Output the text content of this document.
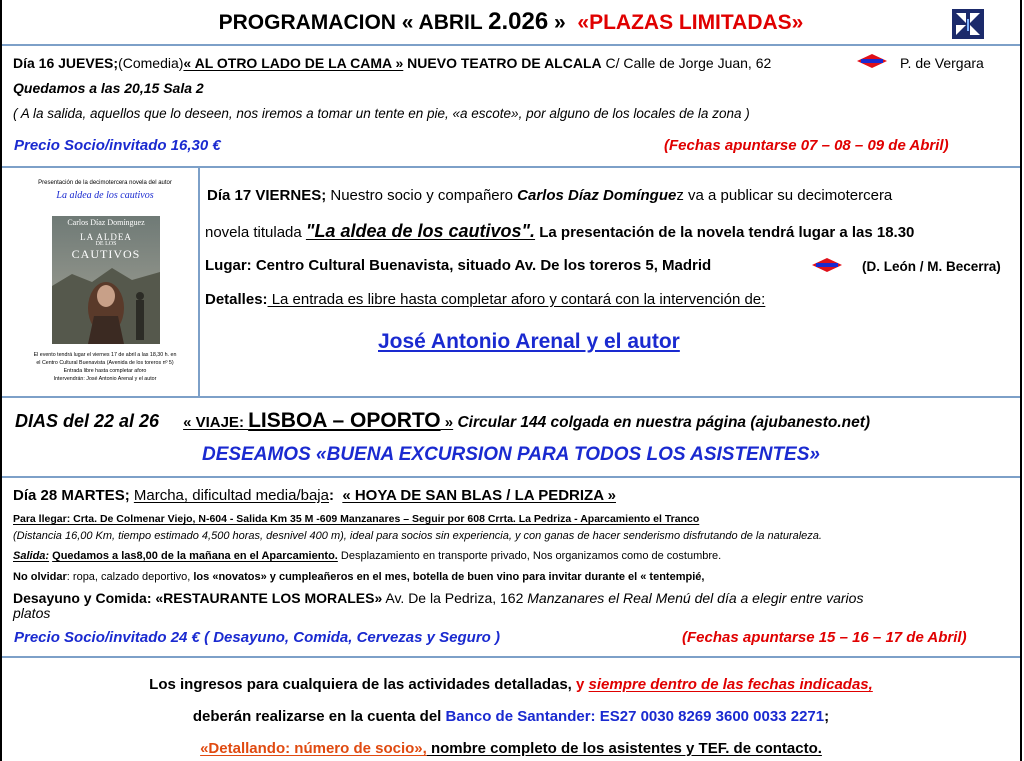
PROGRAMACION « ABRIL 2.026 » «PLAZAS LIMITADAS»
Día 16 JUEVES;(Comedia)« AL OTRO LADO DE LA CAMA » NUEVO TEATRO DE ALCALA C/ Calle de Jorge Juan, 62	P. de Vergara
Quedamos a las 20,15 Sala 2
( A la salida, aquellos que lo deseen, nos iremos a tomar un tente en pie, «a escote», por alguno de los locales de la zona )
Precio Socio/invitado 16,30 €	(Fechas apuntarse 07 – 08 – 09 de Abril)
Presentación de la decimotercera novela del autor
La aldea de los cautivos
Carlos Díaz Domínguez
LA ALDEA
DE LOS
CAUTIVOS
El evento tendrá lugar el viernes 17 de abril a las 18,30 h. en
el Centro Cultural Buenavista (Avenida de los toreros nº 5)
Entrada libre hasta completar aforo
Intervendrán: José Antonio Arenal y el autor
Día 17 VIERNES; Nuestro socio y compañero Carlos Díaz Domínguez va a publicar su decimotercera
novela titulada "La aldea de los cautivos". La presentación de la novela tendrá lugar a las 18.30
Lugar: Centro Cultural Buenavista, situado Av. De los toreros 5, Madrid	(D. León / M. Becerra)
Detalles: La entrada es libre hasta completar aforo y contará con la intervención de:
José Antonio Arenal y el autor
DIAS del 22 al 26 « VIAJE: LISBOA – OPORTO » Circular 144 colgada en nuestra página (ajubanesto.net)
DESEAMOS «BUENA EXCURSION PARA TODOS LOS ASISTENTES»
Día 28 MARTES; Marcha, dificultad media/baja: « HOYA DE SAN BLAS / LA PEDRIZA »
Para llegar: Crta. De Colmenar Viejo, N-604 - Salida Km 35 M -609 Manzanares – Seguir por 608 Crrta. La Pedriza - Aparcamiento el Tranco
(Distancia 16,00 Km, tiempo estimado 4,500 horas, desnivel 400 m), ideal para socios sin experiencia, y con ganas de hacer senderismo disfrutando de la naturaleza.
Salida: Quedamos a las8,00 de la mañana en el Aparcamiento. Desplazamiento en transporte privado, Nos organizamos como de costumbre.
No olvidar: ropa, calzado deportivo, los «novatos» y cumpleañeros en el mes, botella de buen vino para invitar durante el « tentempié,
Desayuno y Comida: «RESTAURANTE LOS MORALES» Av. De la Pedriza, 162 Manzanares el Real Menú del día a elegir entre varios
platos
Precio Socio/invitado 24 € ( Desayuno, Comida, Cervezas y Seguro )	(Fechas apuntarse 15 – 16 – 17 de Abril)
Los ingresos para cualquiera de las actividades detalladas, y siempre dentro de las fechas indicadas,
deberán realizarse en la cuenta del Banco de Santander: ES27 0030 8269 3600 0033 2271;
«Detallando: número de socio», nombre completo de los asistentes y TEF. de contacto.
